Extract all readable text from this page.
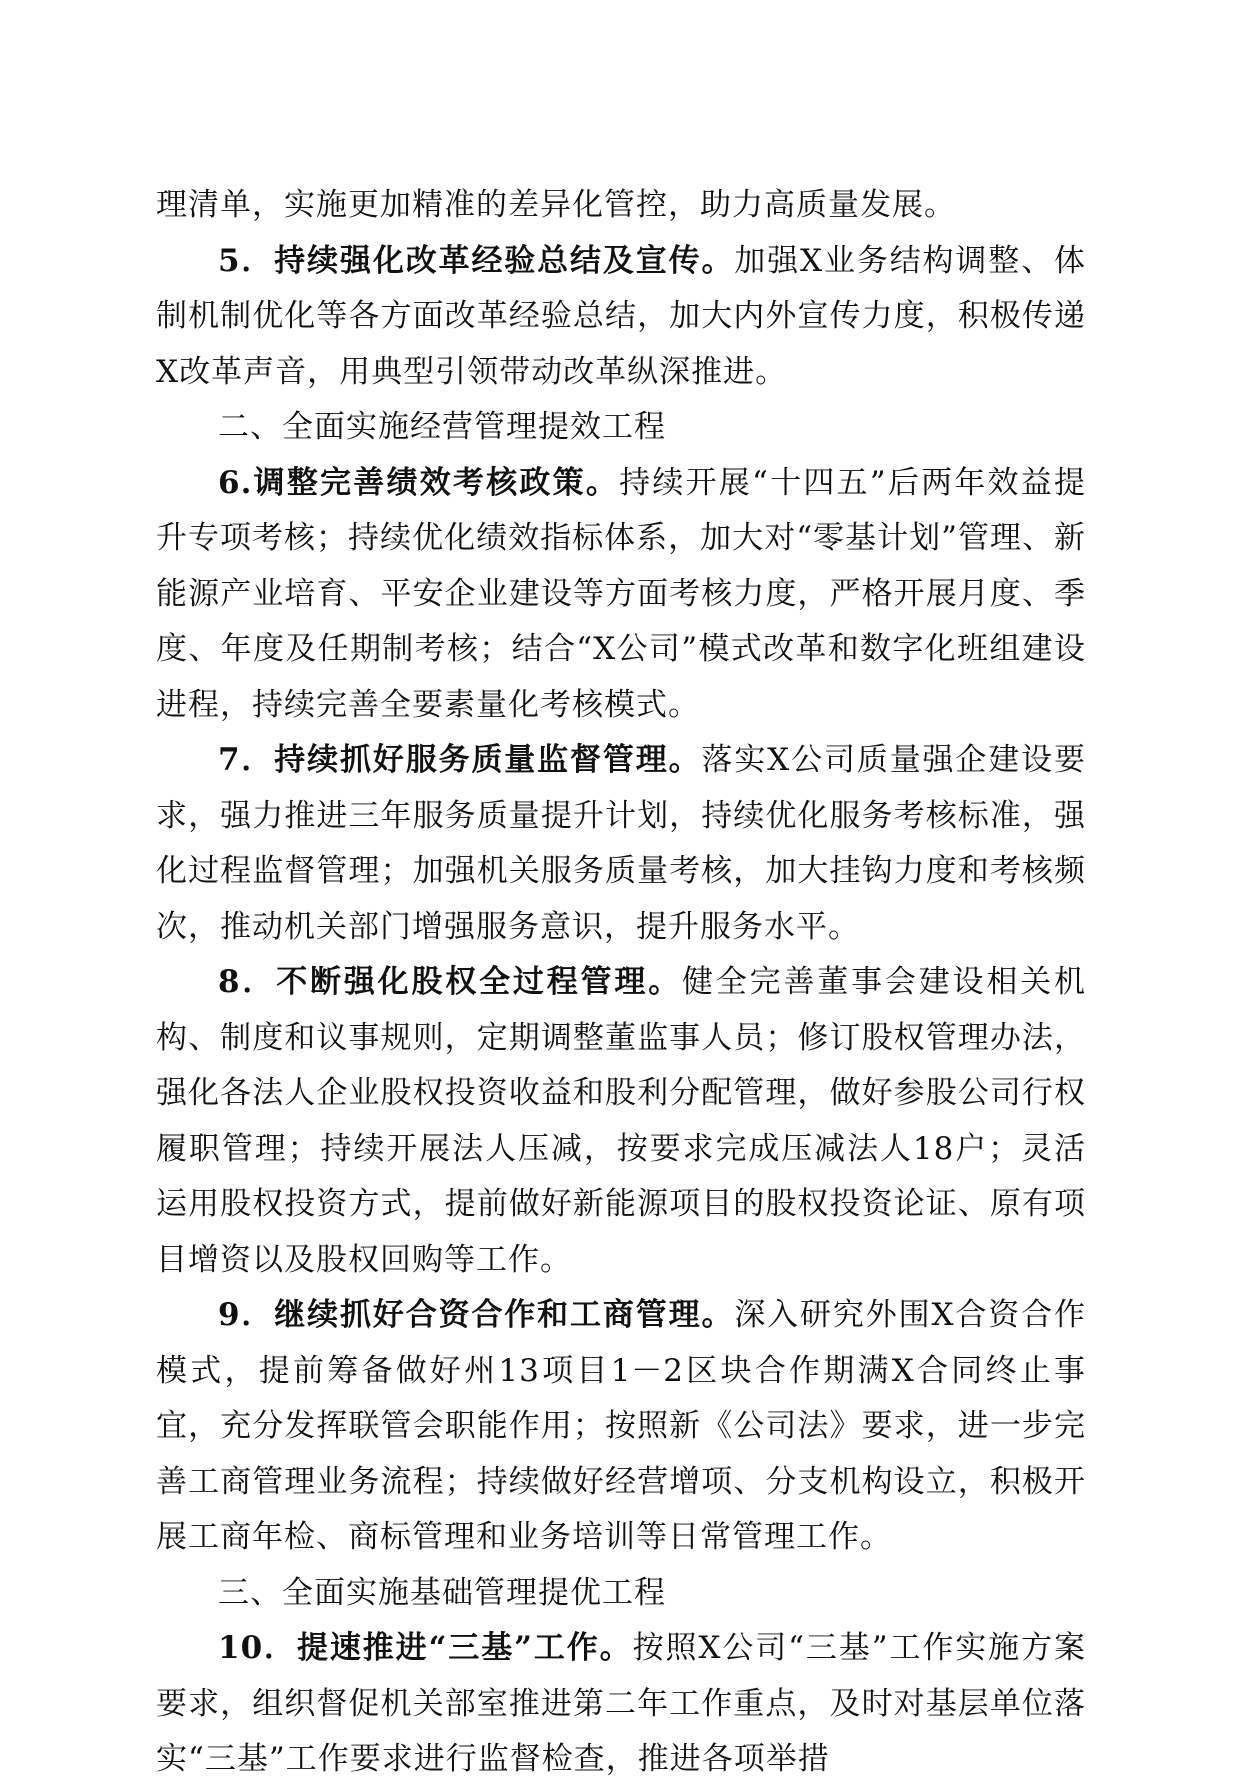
理清单，实施更加精准的差异化管控，助力高质量发展。

5．持续强化改革经验总结及宣传。加强X业务结构调整、体制机制优化等各方面改革经验总结，加大内外宣传力度，积极传递X改革声音，用典型引领带动改革纵深推进。

二、全面实施经营管理提效工程

6.调整完善绩效考核政策。持续开展“十四五”后两年效益提升专项考核；持续优化绩效指标体系，加大对“零基计划”管理、新能源产业培育、平安企业建设等方面考核力度，严格开展月度、季度、年度及任期制考核；结合“X公司”模式改革和数字化班组建设进程，持续完善全要素量化考核模式。

7．持续抓好服务质量监督管理。落实X公司质量强企建设要求，强力推进三年服务质量提升计划，持续优化服务考核标准，强化过程监督管理；加强机关服务质量考核，加大挂钩力度和考核频次，推动机关部门增强服务意识，提升服务水平。

8．不断强化股权全过程管理。健全完善董事会建设相关机构、制度和议事规则，定期调整董监事人员；修订股权管理办法，强化各法人企业股权投资收益和股利分配管理，做好参股公司行权履职管理；持续开展法人压减，按要求完成压减法人18户；灵活运用股权投资方式，提前做好新能源项目的股权投资论证、原有项目增资以及股权回购等工作。

9．继续抓好合资合作和工商管理。深入研究外围X合资合作模式，提前筹备做好州13项目1－2区块合作期满X合同终止事宜，充分发挥联管会职能作用；按照新《公司法》要求，进一步完善工商管理业务流程；持续做好经营增项、分支机构设立，积极开展工商年检、商标管理和业务培训等日常管理工作。

三、全面实施基础管理提优工程

10．提速推进“三基”工作。按照X公司“三基”工作实施方案要求，组织督促机关部室推进第二年工作重点，及时对基层单位落实“三基”工作要求进行监督检查，推进各项举措
